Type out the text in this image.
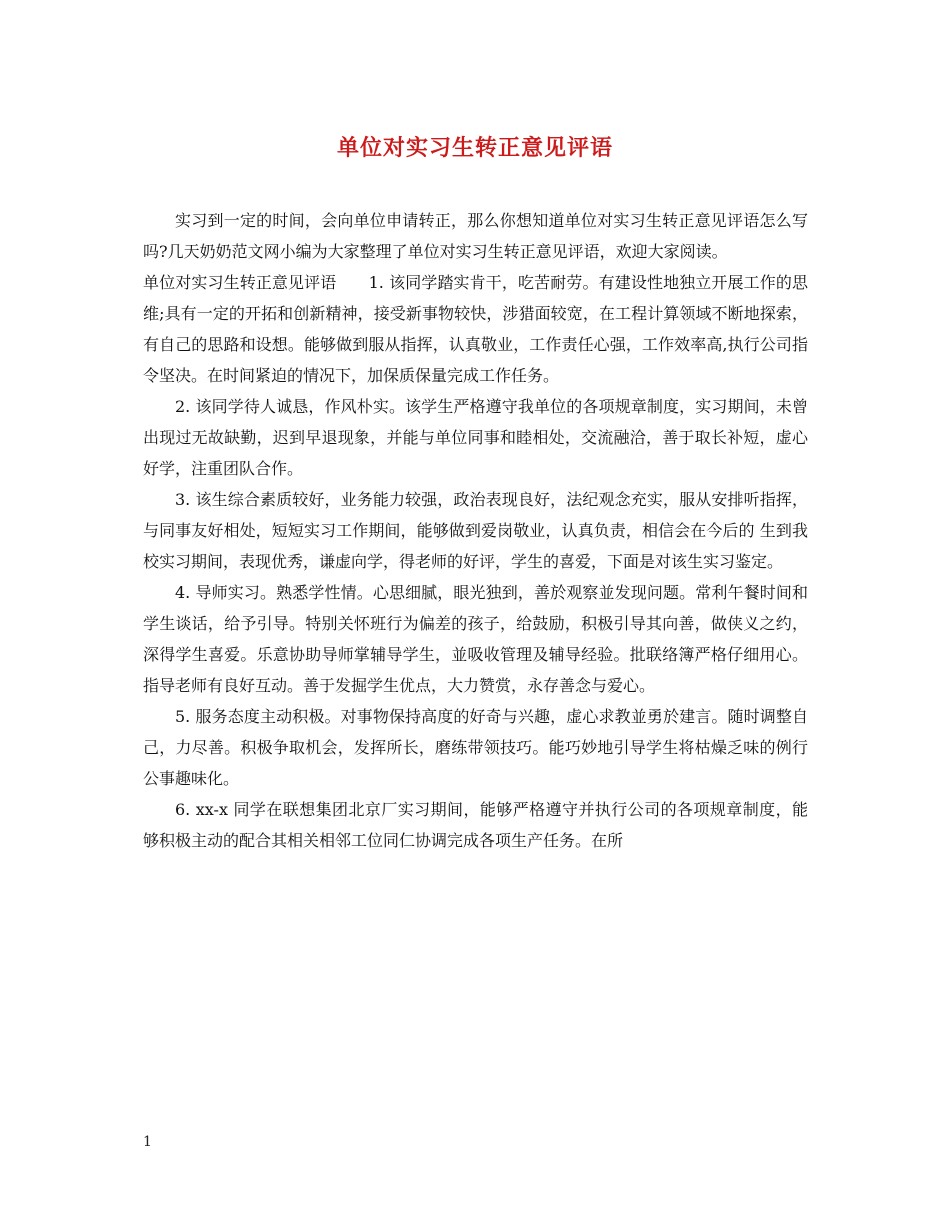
单位对实习生转正意见评语

实习到一定的时间，会向单位申请转正，那么你想知道单位对实习生转正意见评语怎么写吗?几天奶奶范文网小编为大家整理了单位对实习生转正意见评语，欢迎大家阅读。

单位对实习生转正意见评语　　1. 该同学踏实肯干，吃苦耐劳。有建设性地独立开展工作的思维;具有一定的开拓和创新精神，接受新事物较快，涉猎面较宽，在工程计算领域不断地探索，有自己的思路和设想。能够做到服从指挥，认真敬业，工作责任心强，工作效率高,执行公司指令坚决。在时间紧迫的情况下，加保质保量完成工作任务。

2. 该同学待人诚恳，作风朴实。该学生严格遵守我单位的各项规章制度，实习期间，未曾出现过无故缺勤，迟到早退现象，并能与单位同事和睦相处，交流融洽，善于取长补短，虚心好学，注重团队合作。

3. 该生综合素质较好，业务能力较强，政治表现良好，法纪观念充实，服从安排听指挥，与同事友好相处，短短实习工作期间，能够做到爱岗敬业，认真负责，相信会在今后的 生到我校实习期间，表现优秀，谦虚向学，得老师的好评，学生的喜爱，下面是对该生实习鉴定。

4. 导师实习。熟悉学性情。心思细腻，眼光独到，善於观察並发现问题。常利午餐时间和学生谈话，给予引导。特别关怀班行为偏差的孩子，给鼓励，积极引导其向善，做侠义之约，深得学生喜爱。乐意协助导师掌辅导学生，並吸收管理及辅导经验。批联络簿严格仔细用心。指导老师有良好互动。善于发掘学生优点，大力赞赏，永存善念与爱心。

5. 服务态度主动积极。对事物保持高度的好奇与兴趣，虚心求教並勇於建言。随时调整自己，力尽善。积极争取机会，发挥所长，磨练带领技巧。能巧妙地引导学生将枯燥乏味的例行公事趣味化。

6. xx-x 同学在联想集团北京厂实习期间，能够严格遵守并执行公司的各项规章制度，能够积极主动的配合其相关相邻工位同仁协调完成各项生产任务。在所

1
